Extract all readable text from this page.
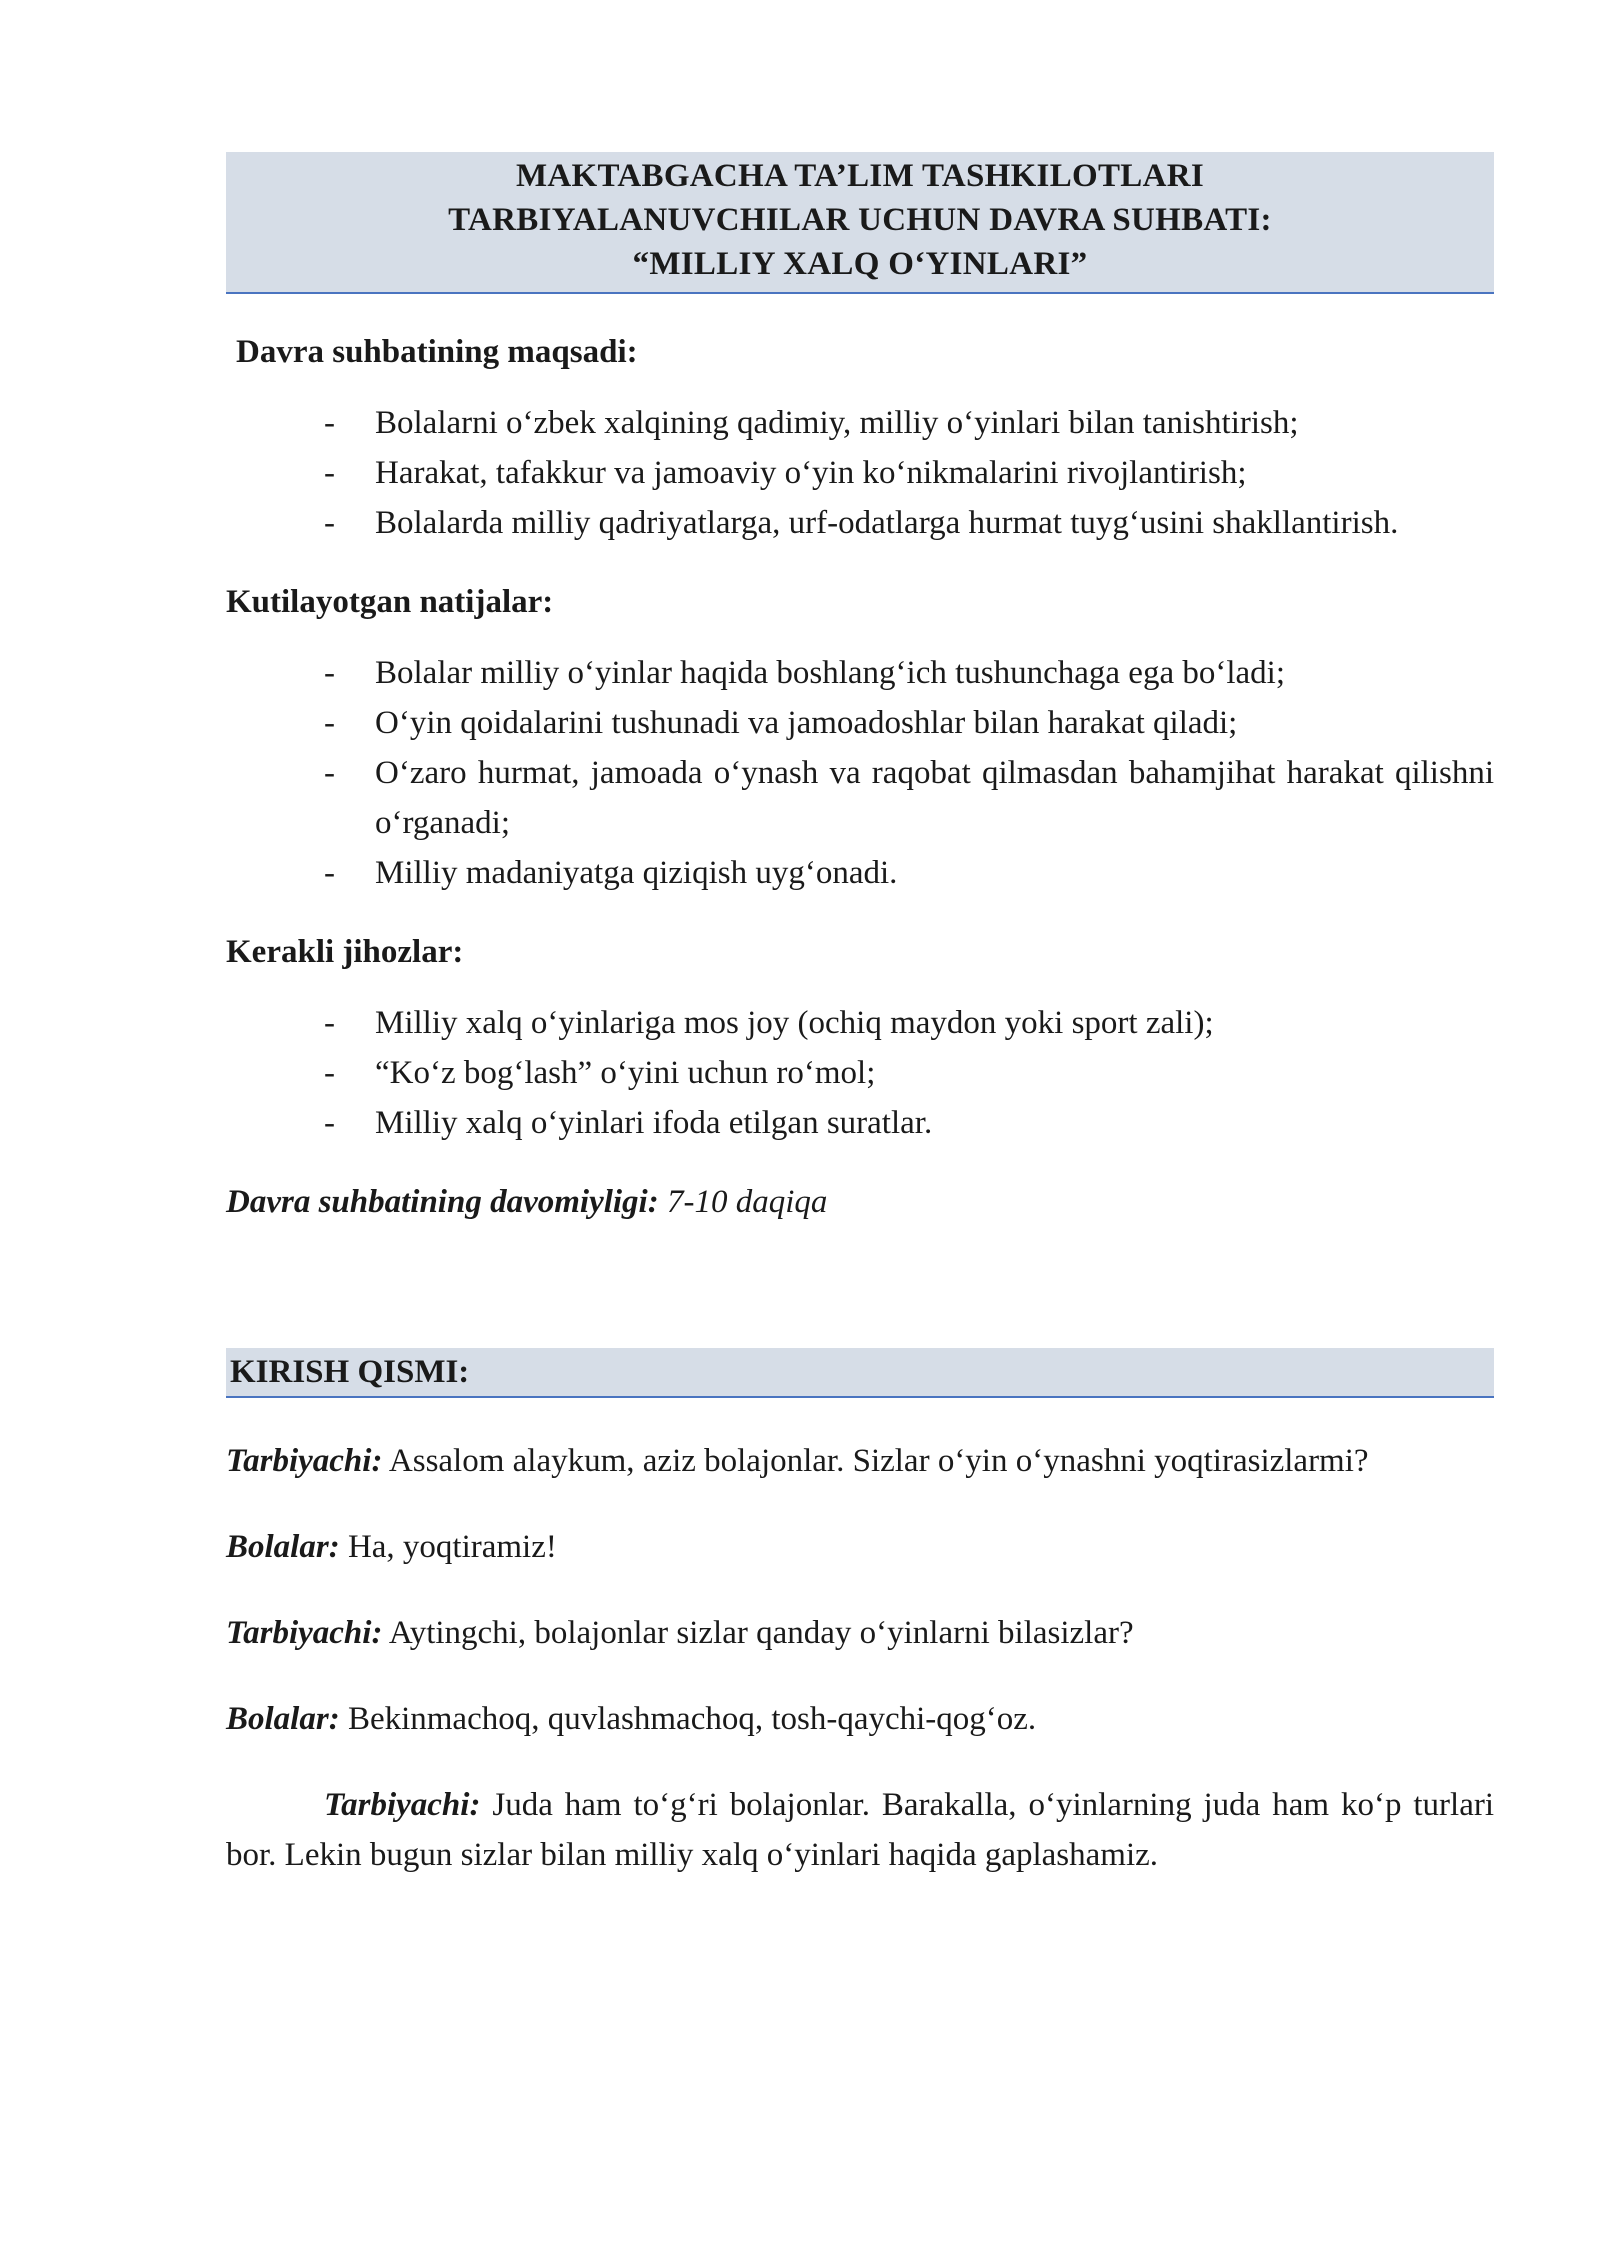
MAKTABGACHA TA’LIM TASHKILOTLARI
TARBIYALANUVCHILAR UCHUN DAVRA SUHBATI:
“MILLIY XALQ O‘YINLARI”
Davra suhbatining maqsadi:
- Bolalarni o‘zbek xalqining qadimiy, milliy o‘yinlari bilan tanishtirish;
- Harakat, tafakkur va jamoaviy o‘yin ko‘nikmalarini rivojlantirish;
- Bolalarda milliy qadriyatlarga, urf-odatlarga hurmat tuyg‘usini shakllantirish.
Kutilayotgan natijalar:
- Bolalar milliy o‘yinlar haqida boshlang‘ich tushunchaga ega bo‘ladi;
- O‘yin qoidalarini tushunadi va jamoadoshlar bilan harakat qiladi;
- O‘zaro hurmat, jamoada o‘ynash va raqobat qilmasdan bahamjihat harakat qilishni o‘rganadi;
- Milliy madaniyatga qiziqish uyg‘onadi.
Kerakli jihozlar:
- Milliy xalq o‘yinlariga mos joy (ochiq maydon yoki sport zali);
- “Ko‘z bog‘lash” o‘yini uchun ro‘mol;
- Milliy xalq o‘yinlari ifoda etilgan suratlar.
Davra suhbatining davomiyligi: 7-10 daqiqa
KIRISH QISMI:

Tarbiyachi: Assalom alaykum, aziz bolajonlar. Sizlar o‘yin o‘ynashni yoqtirasizlarmi?

Bolalar: Ha, yoqtiramiz!

Tarbiyachi: Aytingchi, bolajonlar sizlar qanday o‘yinlarni bilasizlar?

Bolalar: Bekinmachoq, quvlashmachoq, tosh-qaychi-qog‘oz.

Tarbiyachi: Juda ham to‘g‘ri bolajonlar. Barakalla, o‘yinlarning juda ham ko‘p turlari bor. Lekin bugun sizlar bilan milliy xalq o‘yinlari haqida gaplashamiz.
